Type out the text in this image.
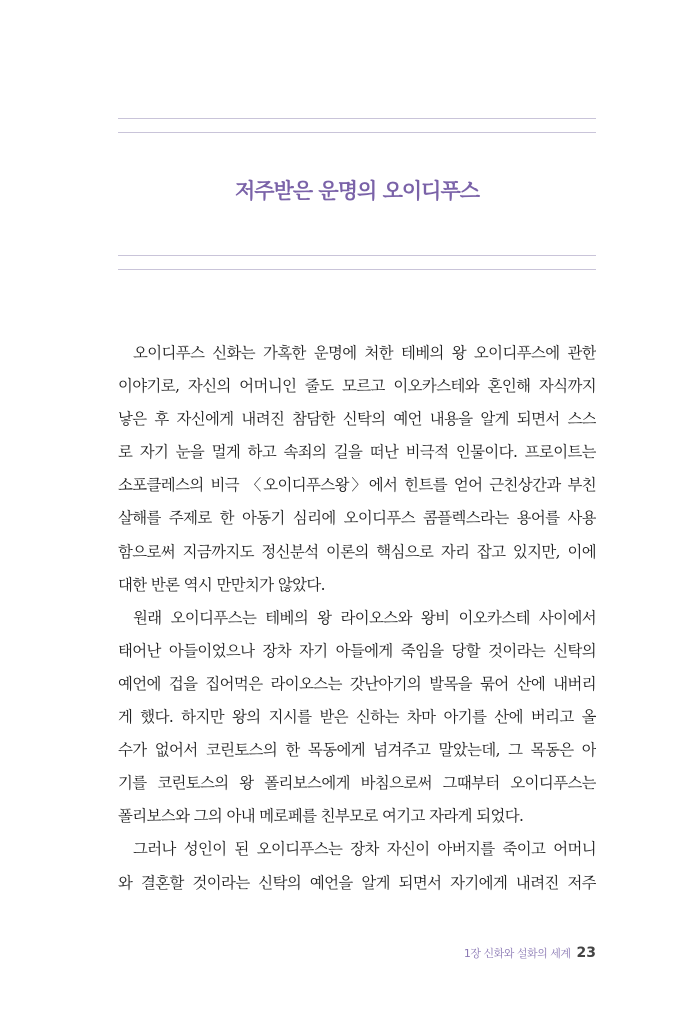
저주받은 운명의 오이디푸스
오이디푸스 신화는 가혹한 운명에 처한 테베의 왕 오이디푸스에 관한
이야기로, 자신의 어머니인 줄도 모르고 이오카스테와 혼인해 자식까지
낳은 후 자신에게 내려진 참담한 신탁의 예언 내용을 알게 되면서 스스
로 자기 눈을 멀게 하고 속죄의 길을 떠난 비극적 인물이다. 프로이트는
소포클레스의 비극 〈오이디푸스왕〉에서 힌트를 얻어 근친상간과 부친
살해를 주제로 한 아동기 심리에 오이디푸스 콤플렉스라는 용어를 사용
함으로써 지금까지도 정신분석 이론의 핵심으로 자리 잡고 있지만, 이에
대한 반론 역시 만만치가 않았다.
원래 오이디푸스는 테베의 왕 라이오스와 왕비 이오카스테 사이에서
태어난 아들이었으나 장차 자기 아들에게 죽임을 당할 것이라는 신탁의
예언에 겁을 집어먹은 라이오스는 갓난아기의 발목을 묶어 산에 내버리
게 했다. 하지만 왕의 지시를 받은 신하는 차마 아기를 산에 버리고 올
수가 없어서 코린토스의 한 목동에게 넘겨주고 말았는데, 그 목동은 아
기를 코린토스의 왕 폴리보스에게 바침으로써 그때부터 오이디푸스는
폴리보스와 그의 아내 메로페를 친부모로 여기고 자라게 되었다.
그러나 성인이 된 오이디푸스는 장차 자신이 아버지를 죽이고 어머니
와 결혼할 것이라는 신탁의 예언을 알게 되면서 자기에게 내려진 저주
1장 신화와 설화의 세계 23
